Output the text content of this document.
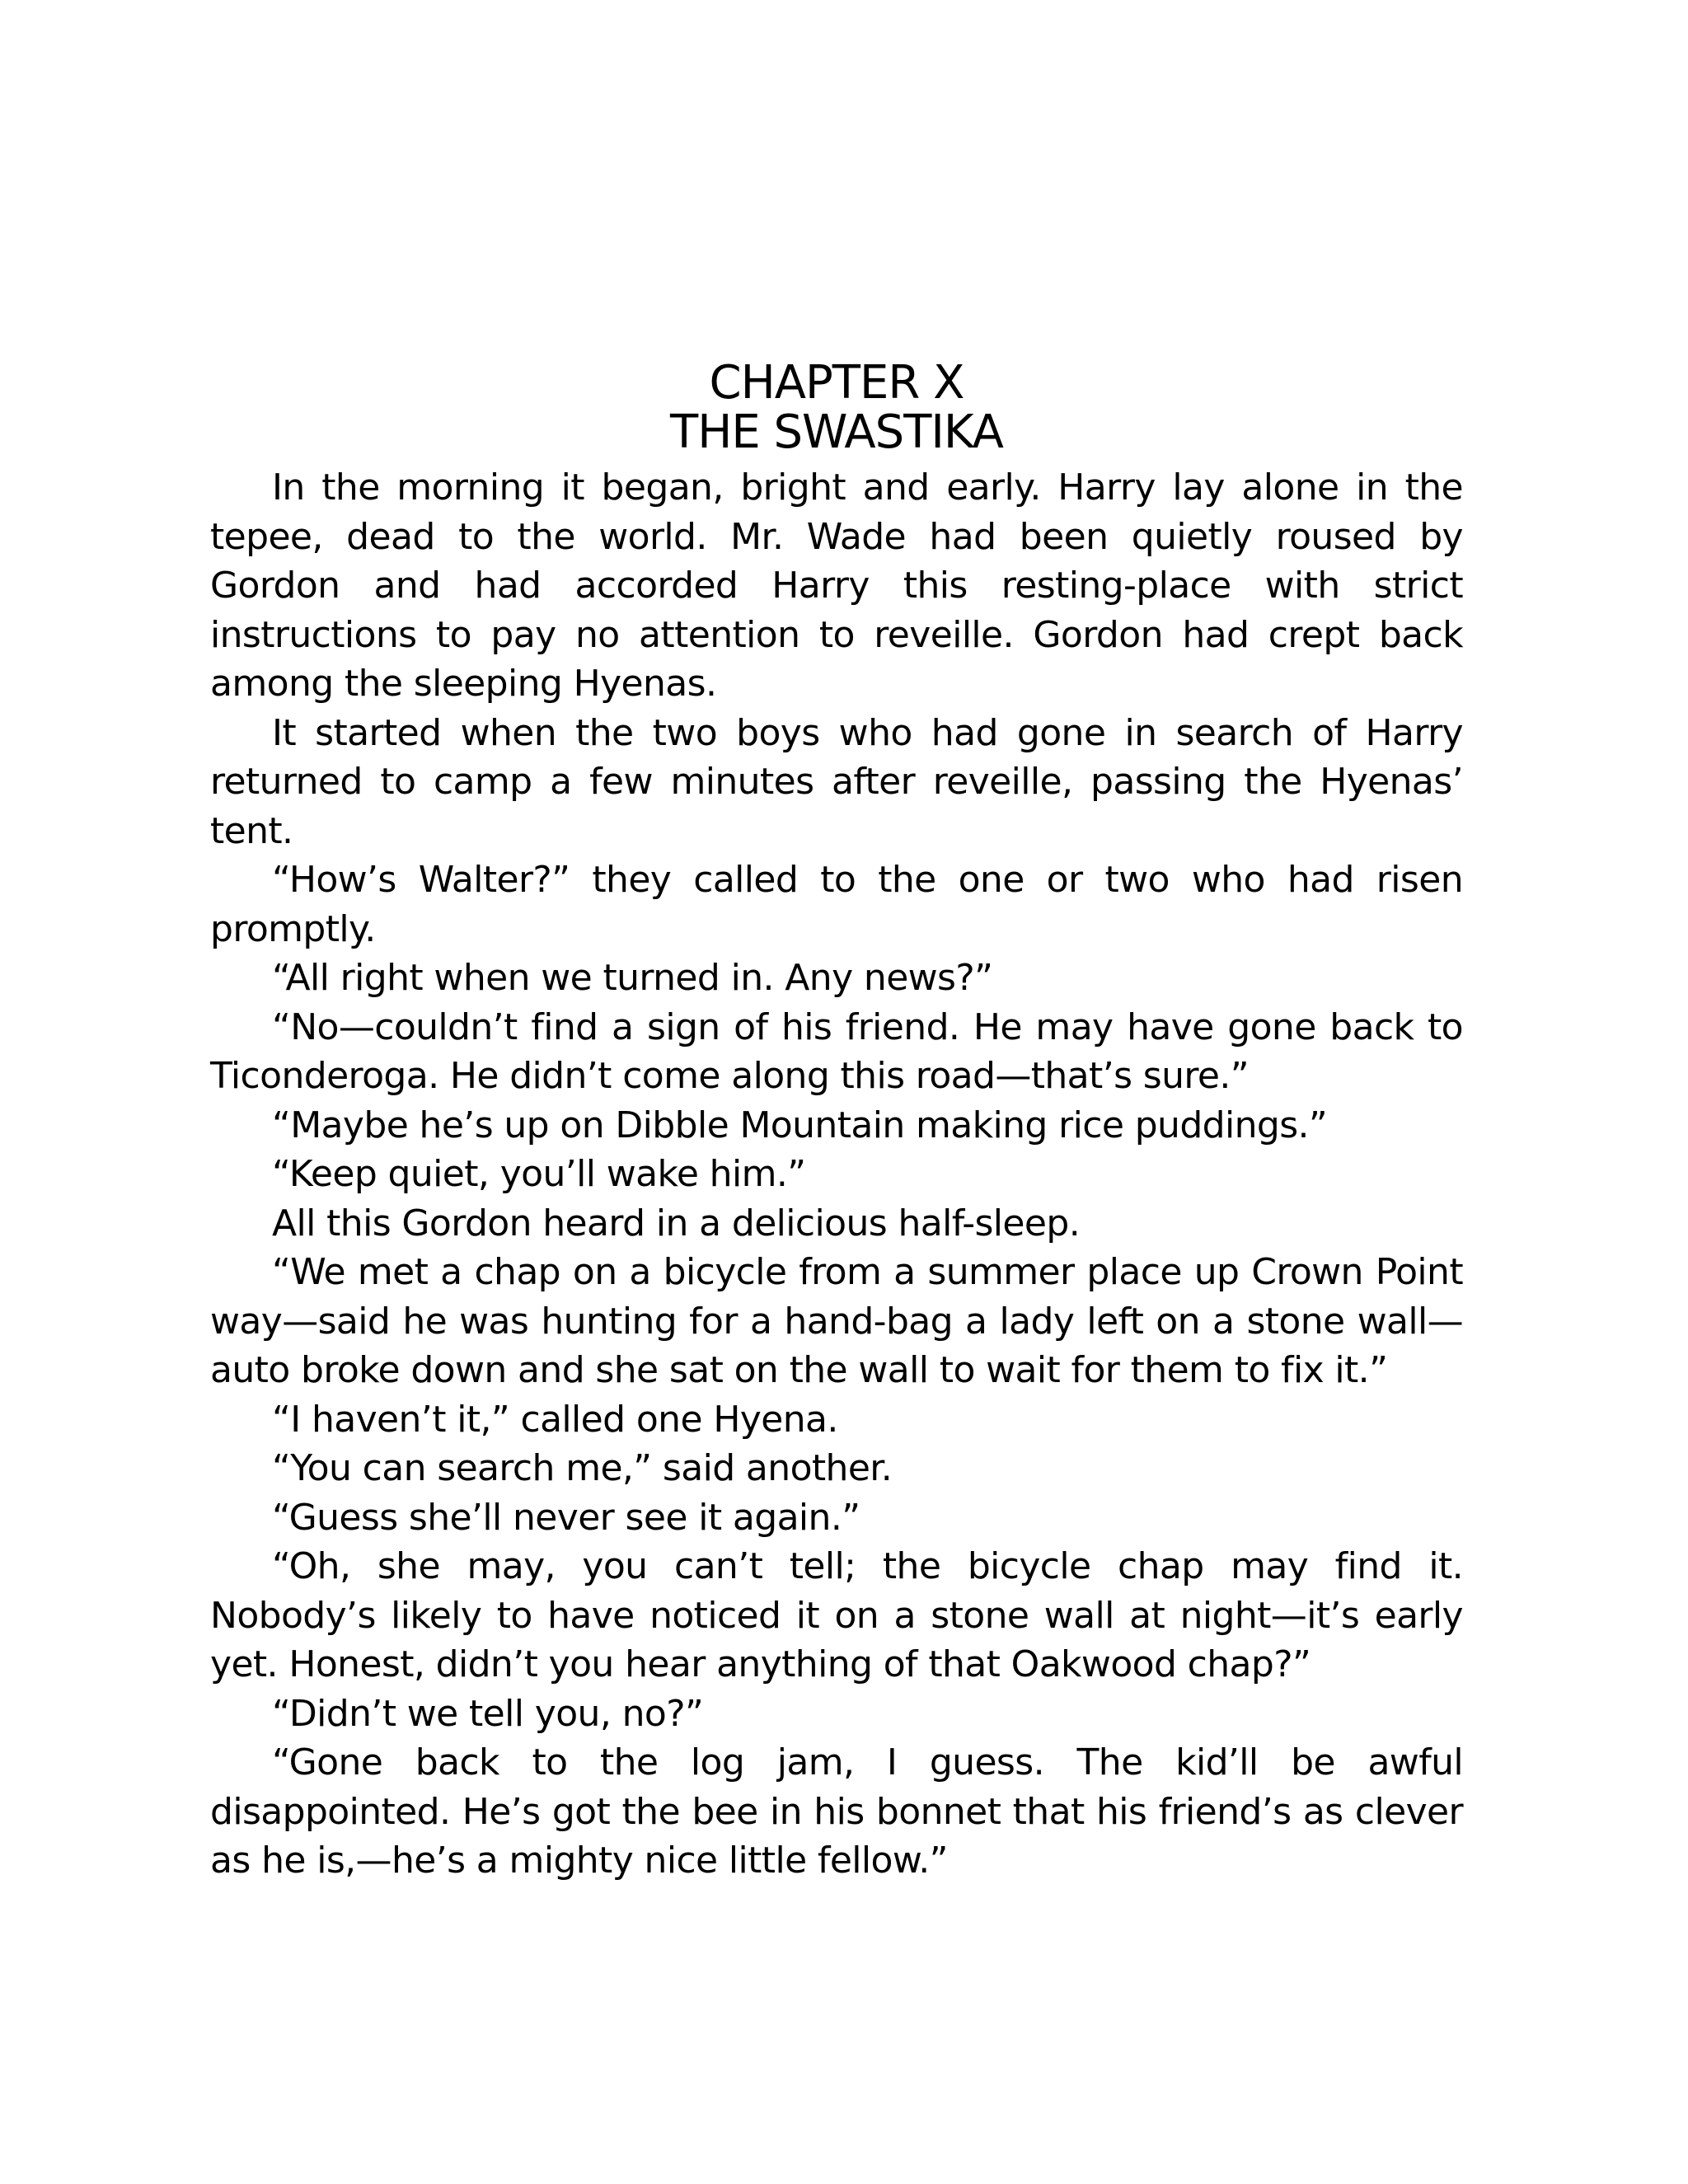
CHAPTER X
THE SWASTIKA

In the morning it began, bright and early. Harry lay alone in the tepee, dead to the world. Mr. Wade had been quietly roused by Gordon and had accorded Harry this resting-place with strict instructions to pay no attention to reveille. Gordon had crept back among the sleeping Hyenas.

It started when the two boys who had gone in search of Harry returned to camp a few minutes after reveille, passing the Hyenas’ tent.

“How’s Walter?” they called to the one or two who had risen promptly.

“All right when we turned in. Any news?”

“No—couldn’t find a sign of his friend. He may have gone back to Ticonderoga. He didn’t come along this road—that’s sure.”

“Maybe he’s up on Dibble Mountain making rice puddings.”

“Keep quiet, you’ll wake him.”

All this Gordon heard in a delicious half-sleep.

“We met a chap on a bicycle from a summer place up Crown Point way—said he was hunting for a hand-bag a lady left on a stone wall—auto broke down and she sat on the wall to wait for them to fix it.”

“I haven’t it,” called one Hyena.

“You can search me,” said another.

“Guess she’ll never see it again.”

“Oh, she may, you can’t tell; the bicycle chap may find it. Nobody’s likely to have noticed it on a stone wall at night—it’s early yet. Honest, didn’t you hear anything of that Oakwood chap?”

“Didn’t we tell you, no?”

“Gone back to the log jam, I guess. The kid’ll be awful disappointed. He’s got the bee in his bonnet that his friend’s as clever as he is,—he’s a mighty nice little fellow.”
